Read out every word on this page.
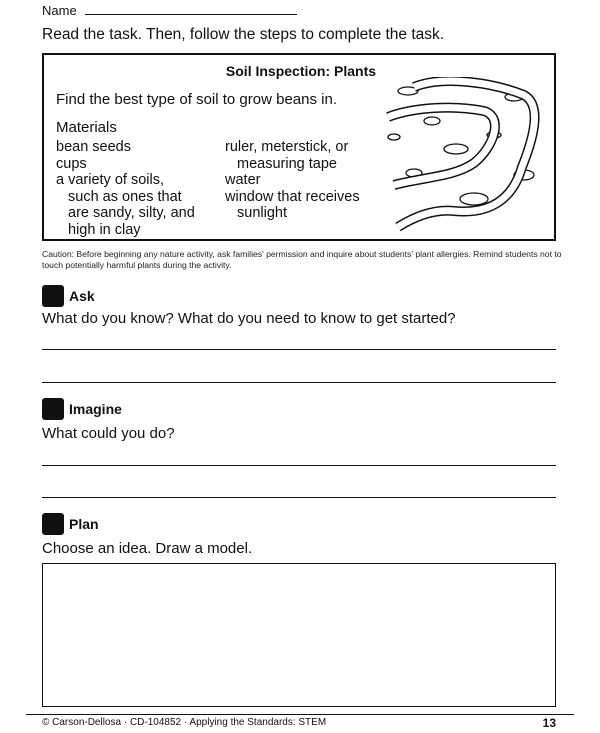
Name
Read the task. Then, follow the steps to complete the task.
Soil Inspection: Plants
Find the best type of soil to grow beans in.
Materials
bean seeds
cups
a variety of soils,
such as ones that
are sandy, silty, and
high in clay
ruler, meterstick, or
measuring tape
water
window that receives
sunlight
Caution: Before beginning any nature activity, ask families' permission and inquire about students' plant allergies. Remind students not to touch potentially harmful plants during the activity.
Ask
What do you know? What do you need to know to get started?
Imagine
What could you do?
Plan
Choose an idea. Draw a model.
© Carson-Dellosa · CD-104852 · Applying the Standards: STEM	13
